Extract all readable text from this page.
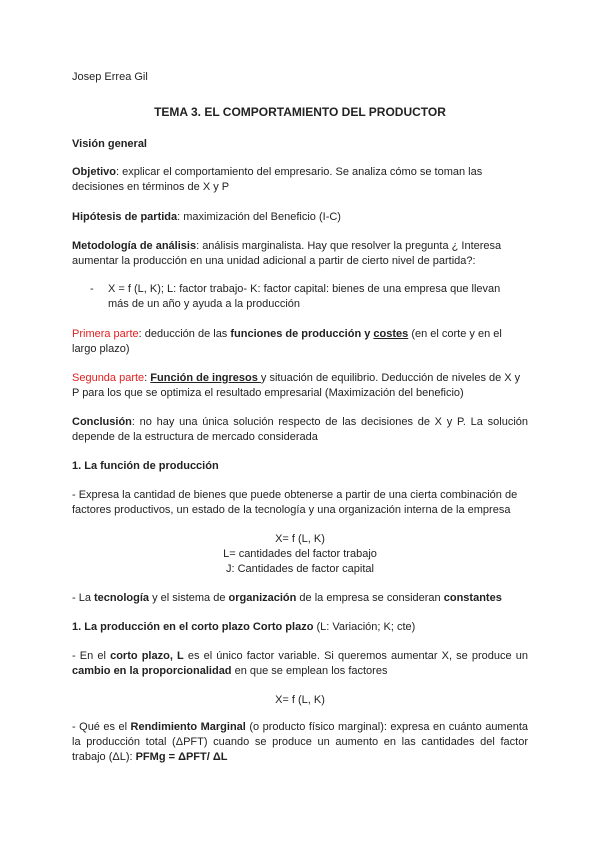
Josep Errea Gil
TEMA 3. EL COMPORTAMIENTO DEL PRODUCTOR
Visión general
Objetivo: explicar el comportamiento del empresario. Se analiza cómo se toman las
decisiones en términos de X y P
Hipótesis de partida: maximización del Beneficio (I-C)
Metodología de análisis: análisis marginalista. Hay que resolver la pregunta ¿ Interesa
aumentar la producción en una unidad adicional a partir de cierto nivel de partida?:
-	X = f (L, K); L: factor trabajo- K: factor capital: bienes de una empresa que llevan
más de un año y ayuda a la producción
Primera parte: deducción de las funciones de producción y costes (en el corte y en el
largo plazo)
Segunda parte: Función de ingresos y situación de equilibrio. Deducción de niveles de X y
P para los que se optimiza el resultado empresarial (Maximización del beneficio)
Conclusión: no hay una única solución respecto de las decisiones de X y P. La solución
depende de la estructura de mercado considerada
1. La función de producción
- Expresa la cantidad de bienes que puede obtenerse a partir de una cierta combinación de
factores productivos, un estado de la tecnología y una organización interna de la empresa
X= f (L, K)
L= cantidades del factor trabajo
J: Cantidades de factor capital
- La tecnología y el sistema de organización de la empresa se consideran constantes
1. La producción en el corto plazo Corto plazo (L: Variación; K; cte)
- En el corto plazo, L es el único factor variable. Si queremos aumentar X, se produce un
cambio en la proporcionalidad en que se emplean los factores
X= f (L, K)
- Qué es el Rendimiento Marginal (o producto físico marginal): expresa en cuánto aumenta
la producción total (ΔPFT) cuando se produce un aumento en las cantidades del factor
trabajo (ΔL): PFMg = ΔPFT/ ΔL
